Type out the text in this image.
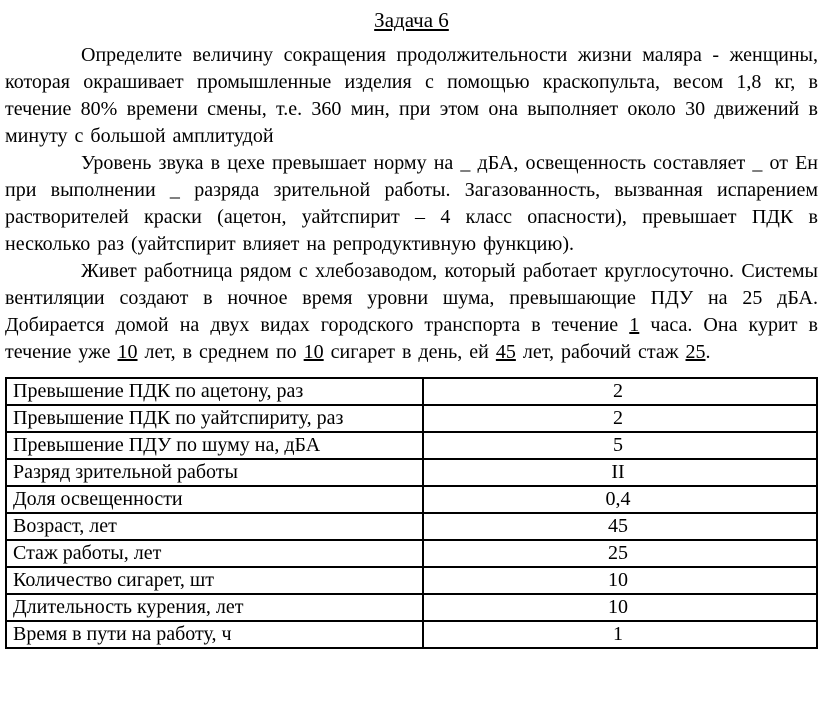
Задача 6

Определите величину сокращения продолжительности жизни маляра - женщины, которая окрашивает промышленные изделия с помощью краскопульта, весом 1,8 кг, в течение 80% времени смены, т.е. 360 мин, при этом она выполняет около 30 движений в минуту с большой амплитудой

Уровень звука в цехе превышает норму на _ дБА, освещенность составляет _ от Ен при выполнении _ разряда зрительной работы. Загазованность, вызванная испарением растворителей краски (ацетон, уайтспирит – 4 класс опасности), превышает ПДК в несколько раз (уайтспирит влияет на репродуктивную функцию).

Живет работница рядом с хлебозаводом, который работает круглосуточно. Системы вентиляции создают в ночное время уровни шума, превышающие ПДУ на 25 дБА. Добирается домой на двух видах городского транспорта в течение 1 часа. Она курит в течение уже 10 лет, в среднем по 10 сигарет в день, ей 45 лет, рабочий стаж 25.

Превышение ПДК по ацетону, раз	2
Превышение ПДК по уайтспириту, раз	2
Превышение ПДУ по шуму на, дБА	5
Разряд зрительной работы	II
Доля освещенности	0,4
Возраст, лет	45
Стаж работы, лет	25
Количество сигарет, шт	10
Длительность курения, лет	10
Время в пути на работу, ч	1
